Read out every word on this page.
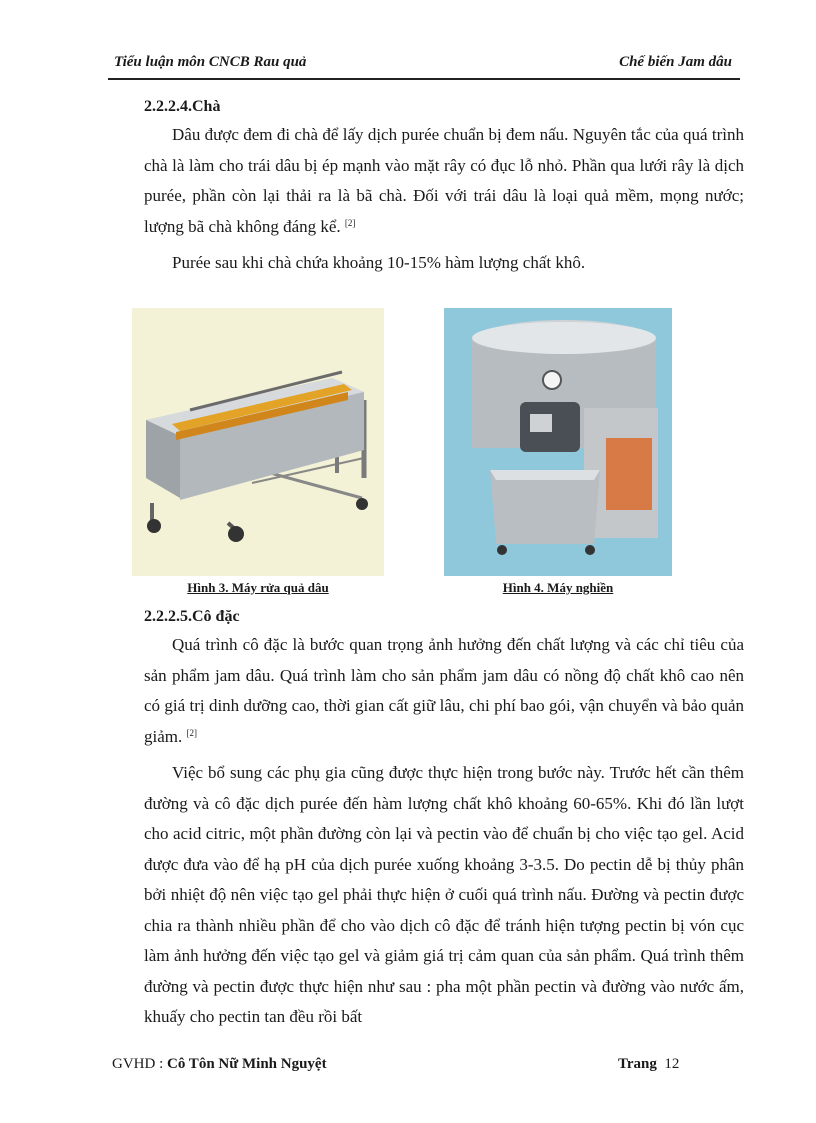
Tiểu luận môn CNCB Rau quả	Chế biến Jam dâu
2.2.2.4.Chà

Dâu được đem đi chà để lấy dịch purée chuẩn bị đem nấu. Nguyên tắc của quá trình chà là làm cho trái dâu bị ép mạnh vào mặt rây có đục lỗ nhỏ. Phần qua lưới rây là dịch purée, phần còn lại thải ra là bã chà. Đối với trái dâu là loại quả mềm, mọng nước; lượng bã chà không đáng kể. [2]

Purée sau khi chà chứa khoảng 10-15% hàm lượng chất khô.

Hình 3. Máy rửa quả dâu	Hình 4. Máy nghiền
2.2.2.5.Cô đặc

Quá trình cô đặc là bước quan trọng ảnh hưởng đến chất lượng và các chỉ tiêu của sản phẩm jam dâu. Quá trình làm cho sản phẩm jam dâu có nồng độ chất khô cao nên có giá trị dinh dưỡng cao, thời gian cất giữ lâu, chi phí bao gói, vận chuyển và bảo quản giảm. [2]

Việc bổ sung các phụ gia cũng được thực hiện trong bước này. Trước hết cần thêm đường và cô đặc dịch purée đến hàm lượng chất khô khoảng 60-65%. Khi đó lần lượt cho acid citric, một phần đường còn lại và pectin vào để chuẩn bị cho việc tạo gel. Acid được đưa vào để hạ pH của dịch purée xuống khoảng 3-3.5. Do pectin dễ bị thủy phân bởi nhiệt độ nên việc tạo gel phải thực hiện ở cuối quá trình nấu. Đường và pectin được chia ra thành nhiều phần để cho vào dịch cô đặc để tránh hiện tượng pectin bị vón cục làm ảnh hưởng đến việc tạo gel và giảm giá trị cảm quan của sản phẩm. Quá trình thêm đường và pectin được thực hiện như sau : pha một phần pectin và đường vào nước ấm, khuấy cho pectin tan đều rồi bất

GVHD : Cô Tôn Nữ Minh Nguyệt	Trang 12
